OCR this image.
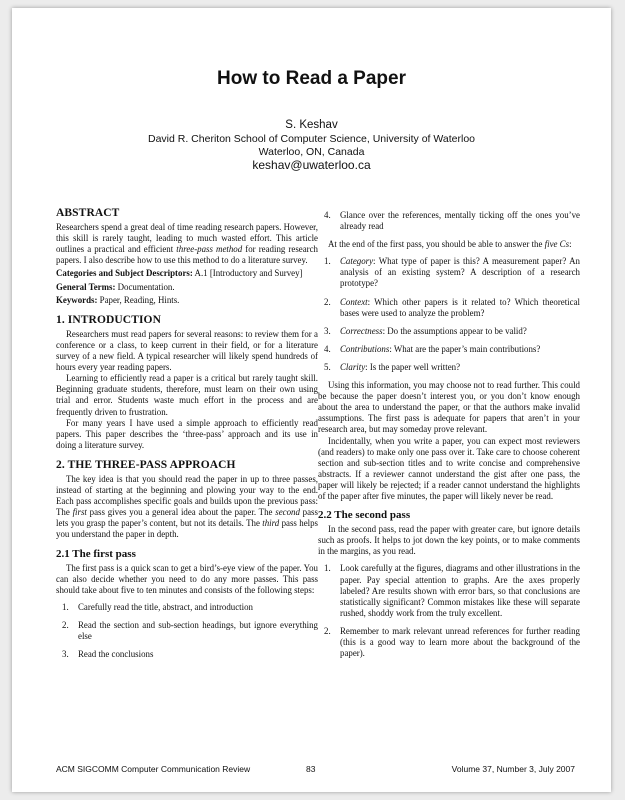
How to Read a Paper
S. Keshav
David R. Cheriton School of Computer Science, University of Waterloo
Waterloo, ON, Canada
keshav@uwaterloo.ca
ABSTRACT

Researchers spend a great deal of time reading research papers. However, this skill is rarely taught, leading to much wasted effort. This article outlines a practical and efficient three-pass method for reading research papers. I also describe how to use this method to do a literature survey.

Categories and Subject Descriptors: A.1 [Introductory and Survey]

General Terms: Documentation.

Keywords: Paper, Reading, Hints.

1. INTRODUCTION

Researchers must read papers for several reasons: to review them for a conference or a class, to keep current in their field, or for a literature survey of a new field. A typical researcher will likely spend hundreds of hours every year reading papers.

Learning to efficiently read a paper is a critical but rarely taught skill. Beginning graduate students, therefore, must learn on their own using trial and error. Students waste much effort in the process and are frequently driven to frustration.

For many years I have used a simple approach to efficiently read papers. This paper describes the ‘three-pass’ approach and its use in doing a literature survey.

2. THE THREE-PASS APPROACH

The key idea is that you should read the paper in up to three passes, instead of starting at the beginning and plowing your way to the end. Each pass accomplishes specific goals and builds upon the previous pass: The first pass gives you a general idea about the paper. The second pass lets you grasp the paper’s content, but not its details. The third pass helps you understand the paper in depth.

2.1 The first pass

The first pass is a quick scan to get a bird’s-eye view of the paper. You can also decide whether you need to do any more passes. This pass should take about five to ten minutes and consists of the following steps:

1.	Carefully read the title, abstract, and introduction
2.	Read the section and sub-section headings, but ignore everything else
3.	Read the conclusions
4.	Glance over the references, mentally ticking off the ones you’ve already read

At the end of the first pass, you should be able to answer the five Cs:

1.	Category: What type of paper is this? A measurement paper? An analysis of an existing system? A description of a research prototype?
2.	Context: Which other papers is it related to? Which theoretical bases were used to analyze the problem?
3.	Correctness: Do the assumptions appear to be valid?
4.	Contributions: What are the paper’s main contributions?
5.	Clarity: Is the paper well written?

Using this information, you may choose not to read further. This could be because the paper doesn’t interest you, or you don’t know enough about the area to understand the paper, or that the authors make invalid assumptions. The first pass is adequate for papers that aren’t in your research area, but may someday prove relevant.

Incidentally, when you write a paper, you can expect most reviewers (and readers) to make only one pass over it. Take care to choose coherent section and sub-section titles and to write concise and comprehensive abstracts. If a reviewer cannot understand the gist after one pass, the paper will likely be rejected; if a reader cannot understand the highlights of the paper after five minutes, the paper will likely never be read.

2.2 The second pass

In the second pass, read the paper with greater care, but ignore details such as proofs. It helps to jot down the key points, or to make comments in the margins, as you read.

1.	Look carefully at the figures, diagrams and other illustrations in the paper. Pay special attention to graphs. Are the axes properly labeled? Are results shown with error bars, so that conclusions are statistically significant? Common mistakes like these will separate rushed, shoddy work from the truly excellent.
2.	Remember to mark relevant unread references for further reading (this is a good way to learn more about the background of the paper).
ACM SIGCOMM Computer Communication Review	83	Volume 37, Number 3, July 2007
